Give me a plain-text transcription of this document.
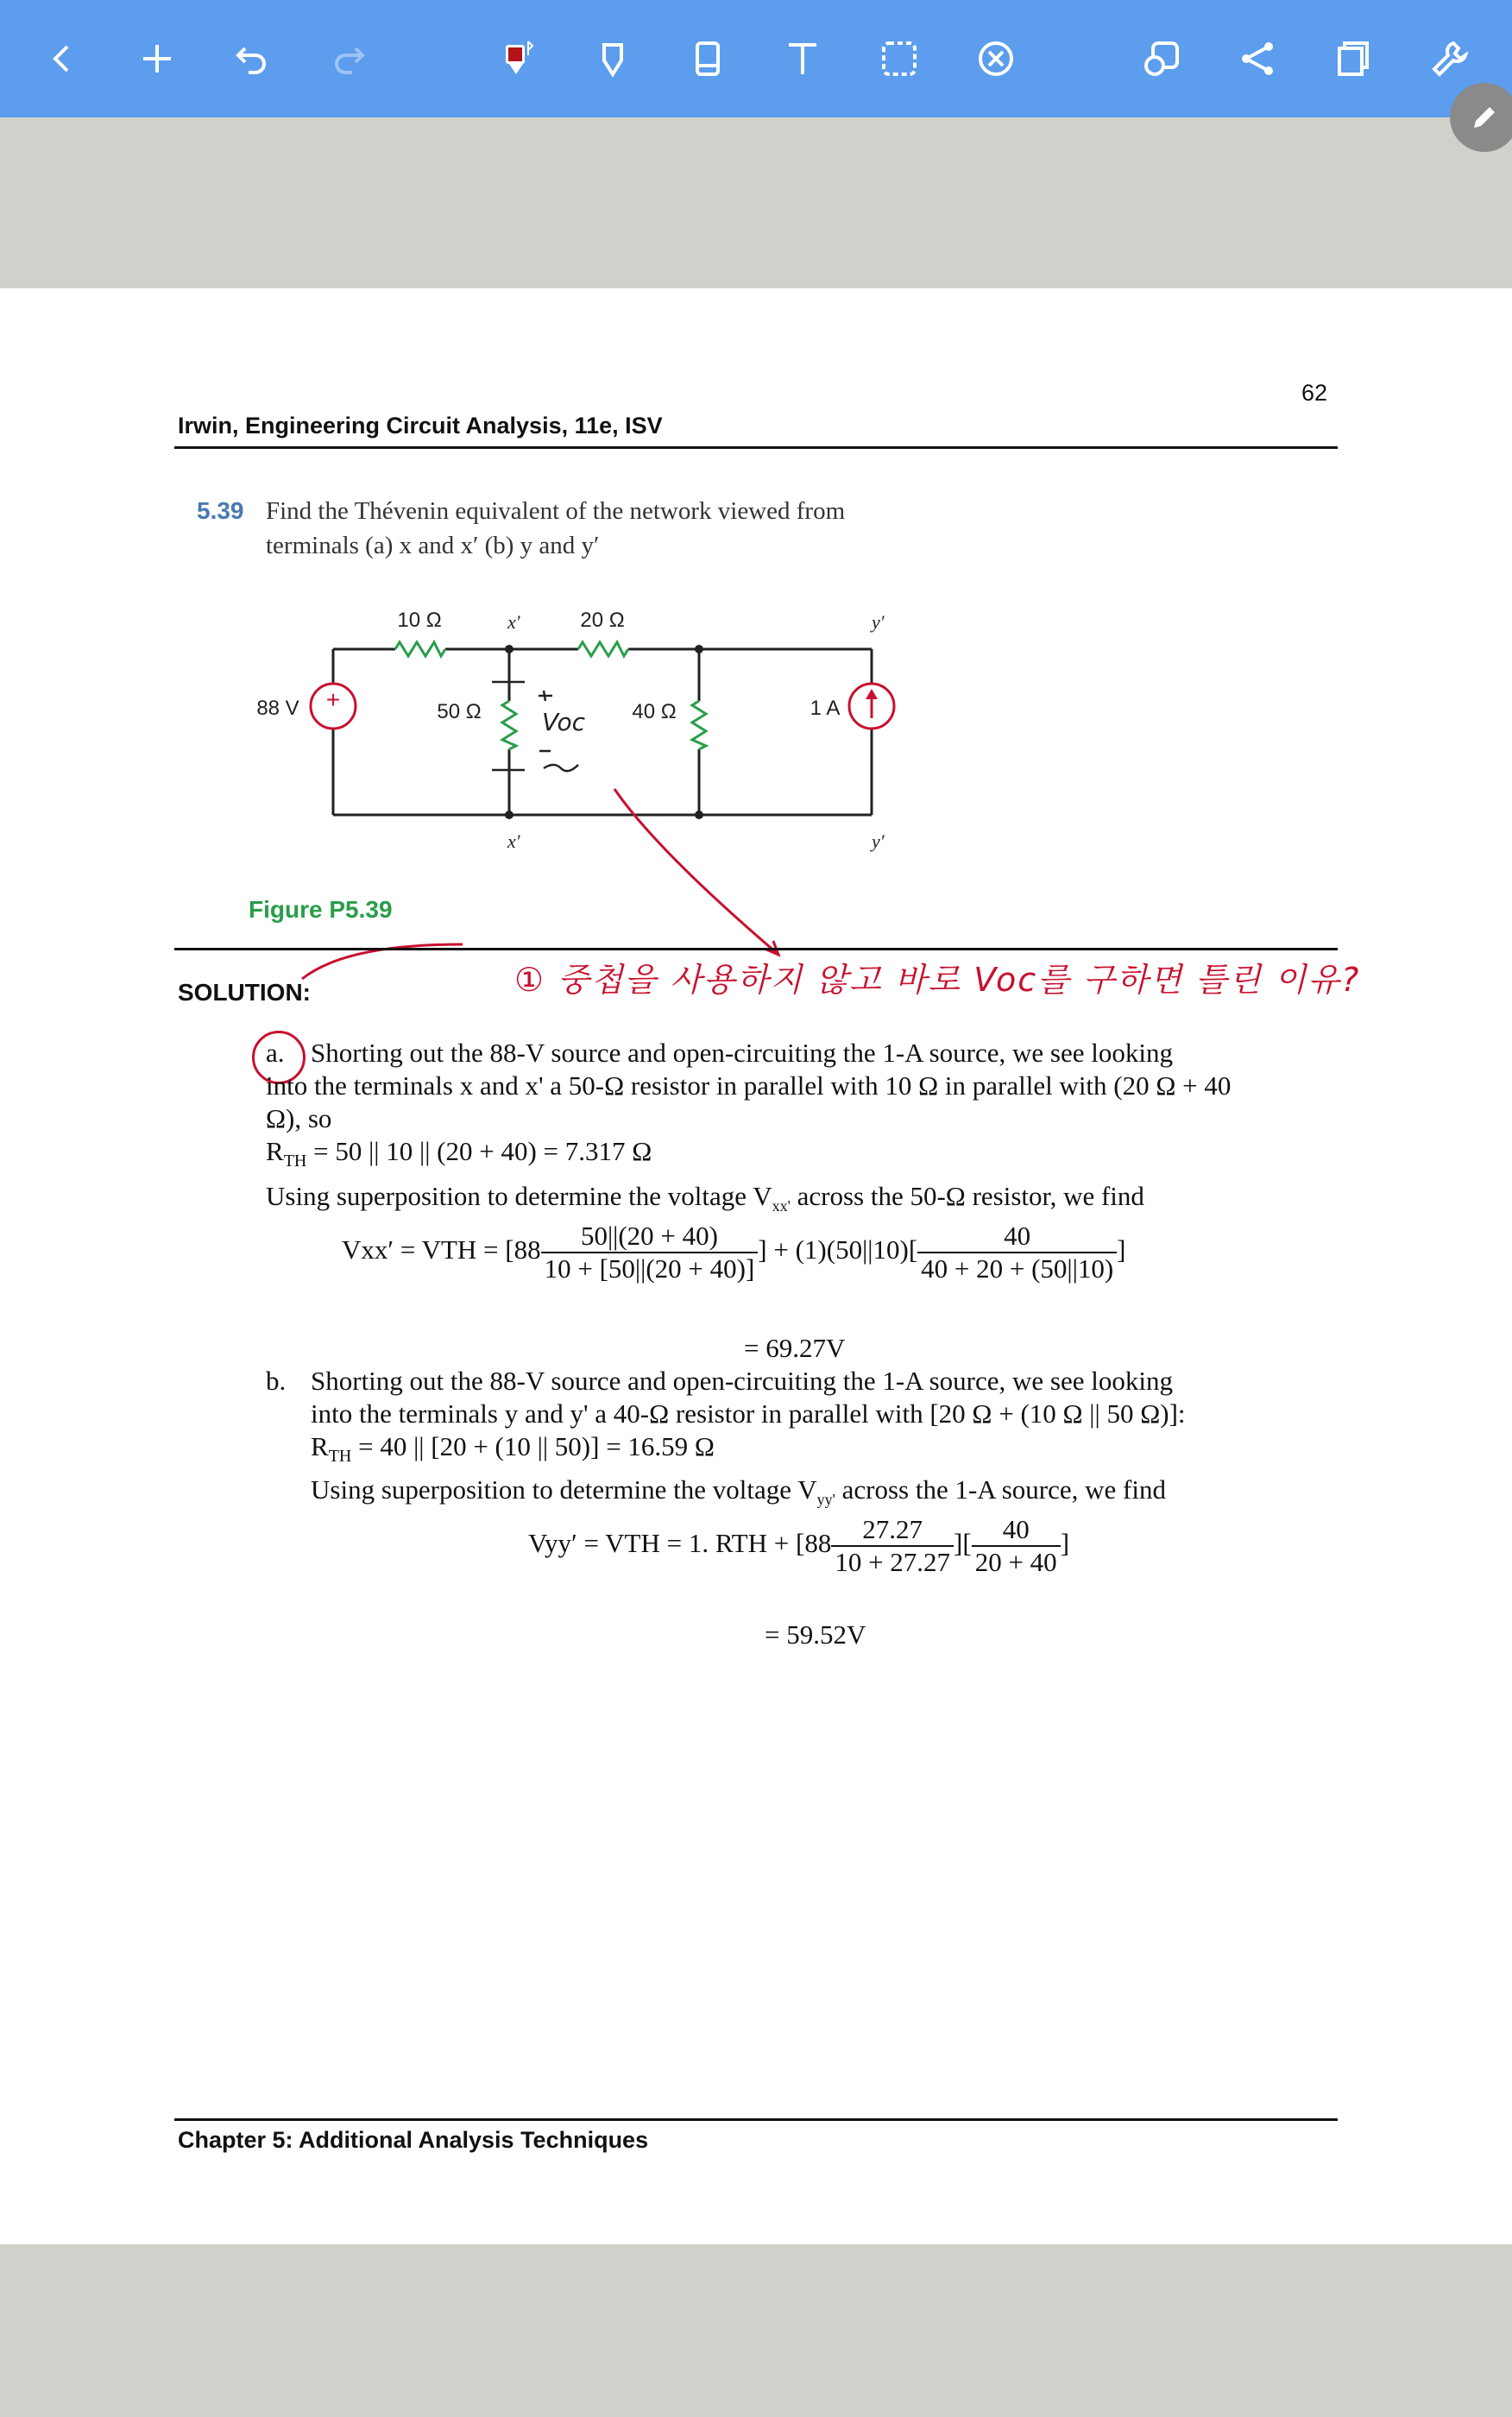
62
Irwin, Engineering Circuit Analysis, 11e, ISV
5.39 Find the Thévenin equivalent of the network viewed from
terminals (a) x and x′ (b) y and y′
+
10 Ω	20 Ω
50 Ω	40 Ω
88 V	1 A
x′
x′
y′
y′
Voc
Figure P5.39
① 중첩을 사용하지 않고 바로 Voc를 구하면 틀린 이유?
SOLUTION:
a. Shorting out the 88-V source and open-circuiting the 1-A source, we see looking
into the terminals x and x' a 50-Ω resistor in parallel with 10 Ω in parallel with (20 Ω + 40
Ω), so
$R_{TH} = 50$ || 10 || (20 + 40) = 7.317 Ω
Using superposition to determine the voltage $V_{xx'}$ across the 50-Ω resistor, we find
Vxx′ = VTH = [$88 \frac{50||(20 + 40)}{10 + [50||(20 + 40)]}$ ] + $(1)(50||10)[ \frac{40}{40 + 20 + (50||10)}$ ]
= 69.27V
b. Shorting out the 88-V source and open-circuiting the 1-A source, we see looking
into the terminals y and y' a 40-Ω resistor in parallel with [20 Ω + (10 Ω || 50 Ω)]:
$R_{TH} = 40$ || [20 + (10 || 50)] = 16.59 Ω
Using superposition to determine the voltage $V_{yy'}$ across the 1-A source, we find
Vyy′ = VTH = 1. RTH + [$88 \frac{27.27}{10 + 27.27}$ ][ $\frac{40}{20 + 40}$ ]
= 59.52V
Chapter 5: Additional Analysis Techniques
